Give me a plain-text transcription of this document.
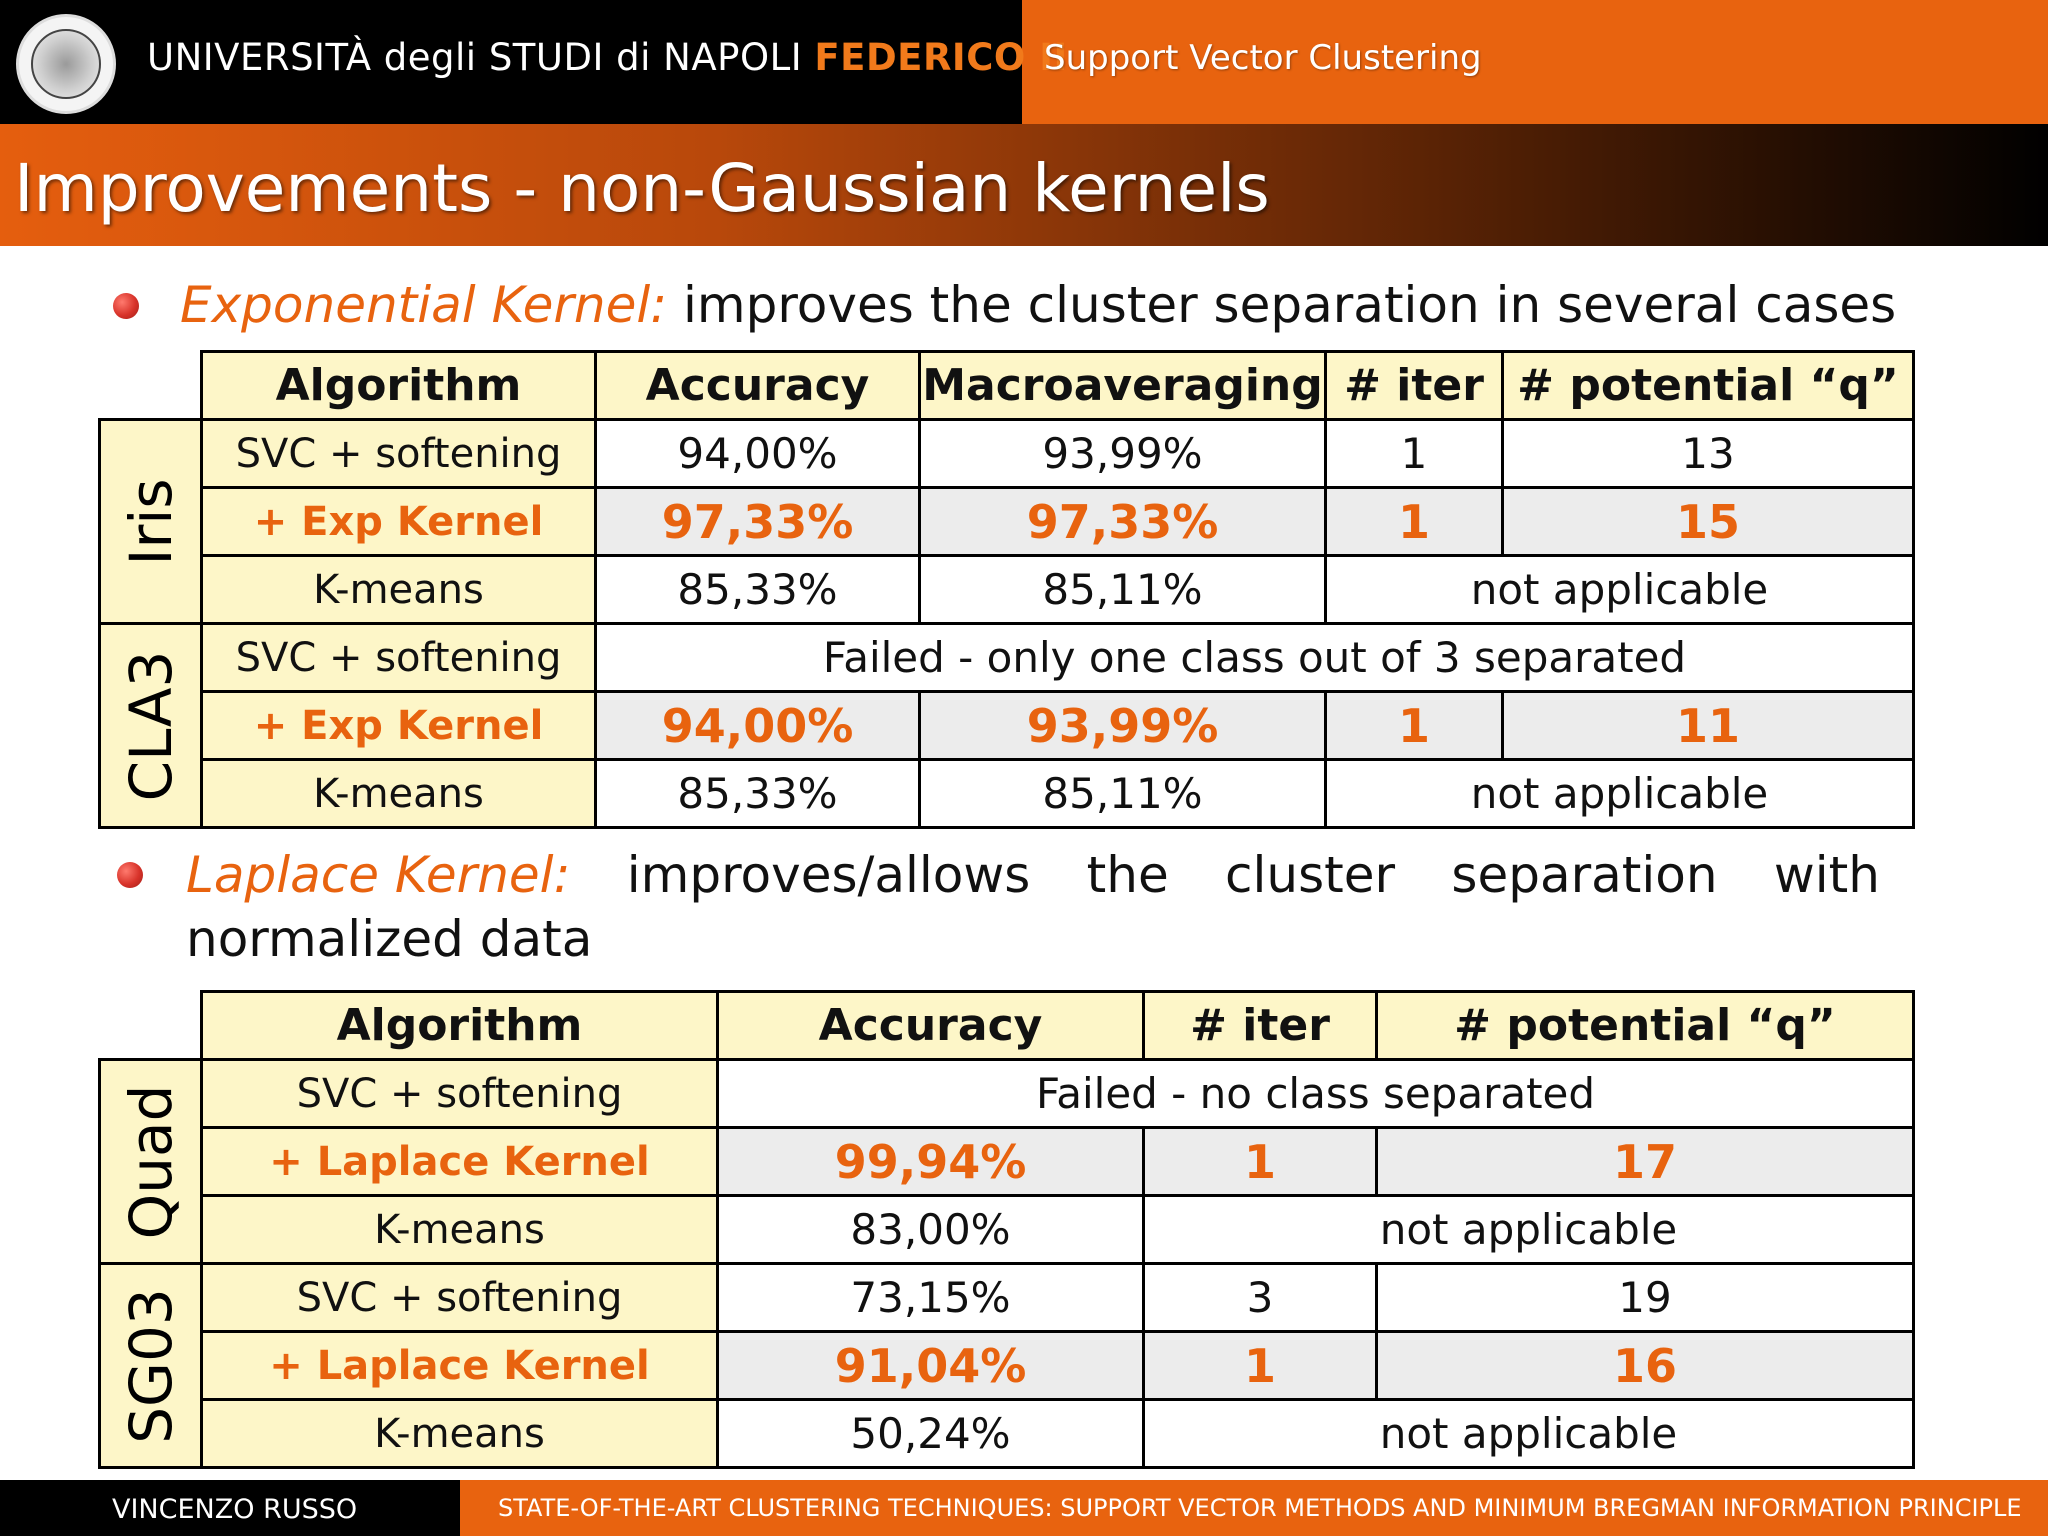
UNIVERSITÀ degli STUDI di NAPOLI FEDERICO II
Support Vector Clustering
Improvements - non-Gaussian kernels
Exponential Kernel: improves the cluster separation in several cases
	Algorithm	Accuracy	Macroaveraging	# iter	# potential “q”

Iris	SVC + softening	94,00%	93,99%	1	13
	+ Exp Kernel	97,33%	97,33%	1	15
	K-means	85,33%	85,11%	not applicable	

CLA3	SVC + softening	Failed - only one class out of 3 separated			
	+ Exp Kernel	94,00%	93,99%	1	11
	K-means	85,33%	85,11%	not applicable	
Laplace Kernel: improves/allows the cluster separation with
normalized data
	Algorithm	Accuracy	# iter	# potential “q”

Quad	SVC + softening	Failed - no class separated		
	+ Laplace Kernel	99,94%	1	17
	K-means	83,00%	not applicable	

SG03	SVC + softening	73,15%	3	19
	+ Laplace Kernel	91,04%	1	16
	K-means	50,24%	not applicable	
VINCENZO RUSSO	STATE-OF-THE-ART CLUSTERING TECHNIQUES: SUPPORT VECTOR METHODS AND MINIMUM BREGMAN INFORMATION PRINCIPLE
